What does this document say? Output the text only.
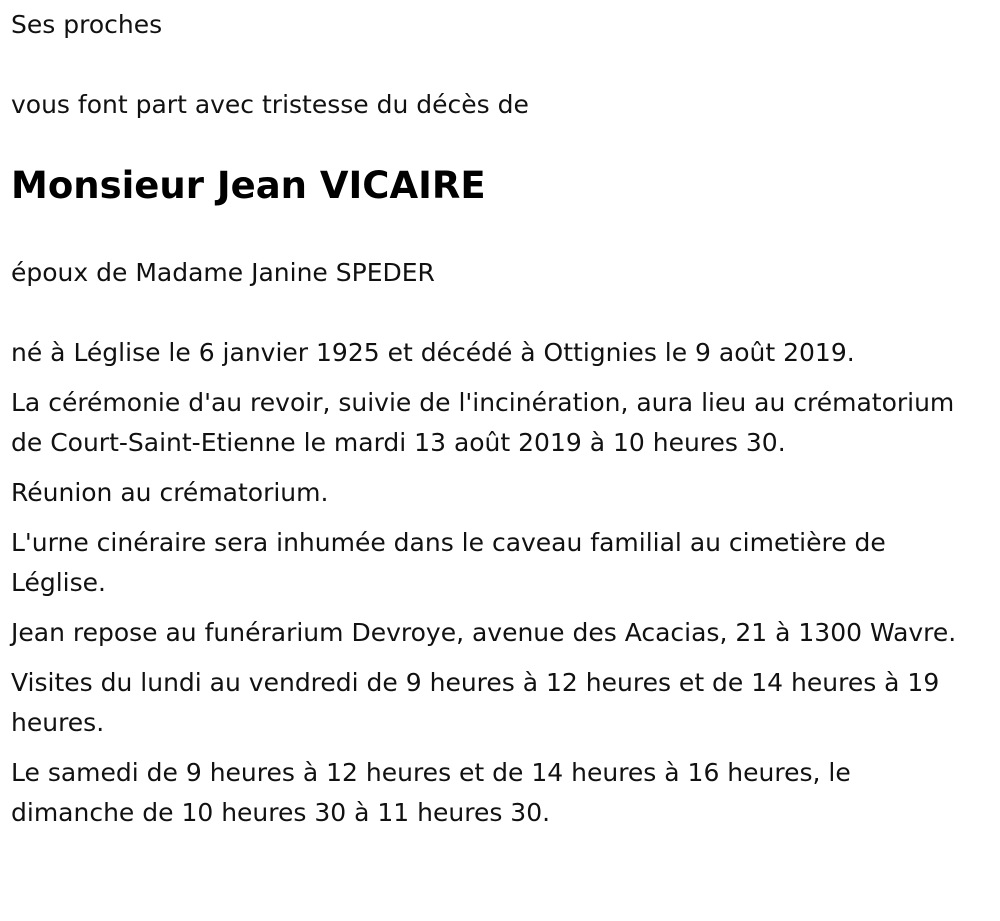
Ses proches

vous font part avec tristesse du décès de

Monsieur Jean VICAIRE

époux de Madame Janine SPEDER

né à Léglise le 6 janvier 1925 et décédé à Ottignies le 9 août 2019.

La cérémonie d'au revoir, suivie de l'incinération, aura lieu au crématorium de Court-Saint-Etienne le mardi 13 août 2019 à 10 heures 30.

Réunion au crématorium.

L'urne cinéraire sera inhumée dans le caveau familial au cimetière de Léglise.

Jean repose au funérarium Devroye, avenue des Acacias, 21 à 1300 Wavre.

Visites du lundi au vendredi de 9 heures à 12 heures et de 14 heures à 19 heures.

Le samedi de 9 heures à 12 heures et de 14 heures à 16 heures, le dimanche de 10 heures 30 à 11 heures 30.
